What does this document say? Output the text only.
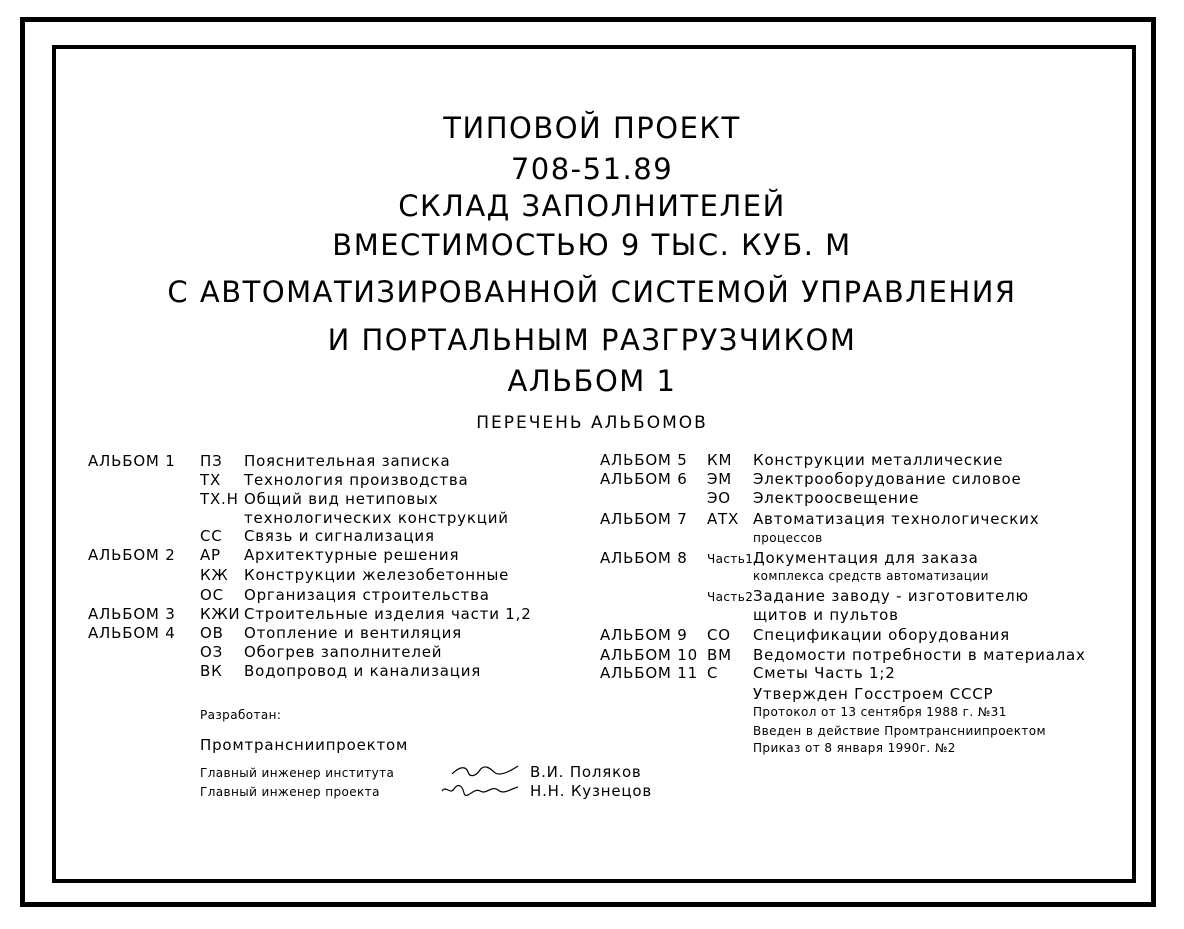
ТИПОВОЙ ПРОЕКТ
708-51.89
СКЛАД ЗАПОЛНИТЕЛЕЙ
ВМЕСТИМОСТЬЮ 9 ТЫС. КУБ. М
С АВТОМАТИЗИРОВАННОЙ СИСТЕМОЙ УПРАВЛЕНИЯ
И ПОРТАЛЬНЫМ РАЗГРУЗЧИКОМ
АЛЬБОМ 1
ПЕРЕЧЕНЬ АЛЬБОМОВ
АЛЬБОМ 1 ПЗ Пояснительная записка
ТХ Технология производства
ТХ.Н Общий вид нетиповых
технологических конструкций
СС Связь и сигнализация
АЛЬБОМ 2 АР Архитектурные решения
КЖ Конструкции железобетонные
ОС Организация строительства
АЛЬБОМ 3 КЖИ Строительные изделия части 1,2
АЛЬБОМ 4 ОВ Отопление и вентиляция
ОЗ Обогрев заполнителей
ВК Водопровод и канализация
АЛЬБОМ 5 КМ Конструкции металлические
АЛЬБОМ 6 ЭМ Электрооборудование силовое
ЭО Электроосвещение
АЛЬБОМ 7 АТХ Автоматизация технологических
процессов
АЛЬБОМ 8 Часть1 Документация для заказа
комплекса средств автоматизации
Часть2 Задание заводу - изготовителю
щитов и пультов
АЛЬБОМ 9 СО Спецификации оборудования
АЛЬБОМ 10 ВМ Ведомости потребности в материалах
АЛЬБОМ 11 С Сметы Часть 1;2
Утвержден Госстроем СССР
Протокол от 13 сентября 1988 г. №31
Введен в действие Промтрансниипроектом
Приказ от 8 января 1990г. №2
Разработан:
Промтрансниипроектом
Главный инженер института	В.И. Поляков
Главный инженер проекта	Н.Н. Кузнецов
